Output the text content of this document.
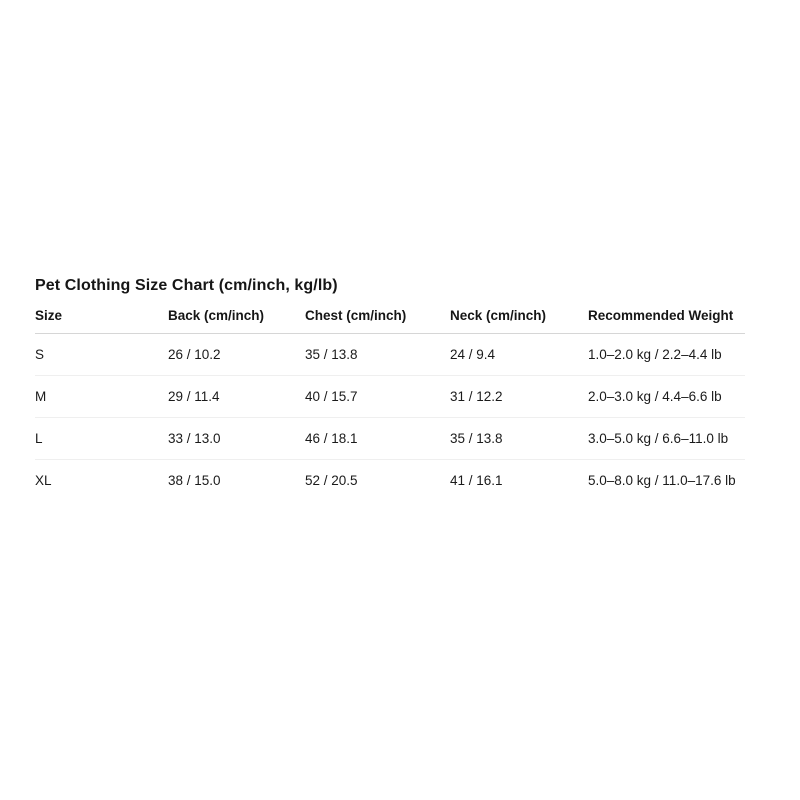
Pet Clothing Size Chart (cm/inch, kg/lb)
Size	Back (cm/inch)	Chest (cm/inch)	Neck (cm/inch)	Recommended Weight
S	26 / 10.2	35 / 13.8	24 / 9.4	1.0–2.0 kg / 2.2–4.4 lb
M	29 / 11.4	40 / 15.7	31 / 12.2	2.0–3.0 kg / 4.4–6.6 lb
L	33 / 13.0	46 / 18.1	35 / 13.8	3.0–5.0 kg / 6.6–11.0 lb
XL	38 / 15.0	52 / 20.5	41 / 16.1	5.0–8.0 kg / 11.0–17.6 lb
